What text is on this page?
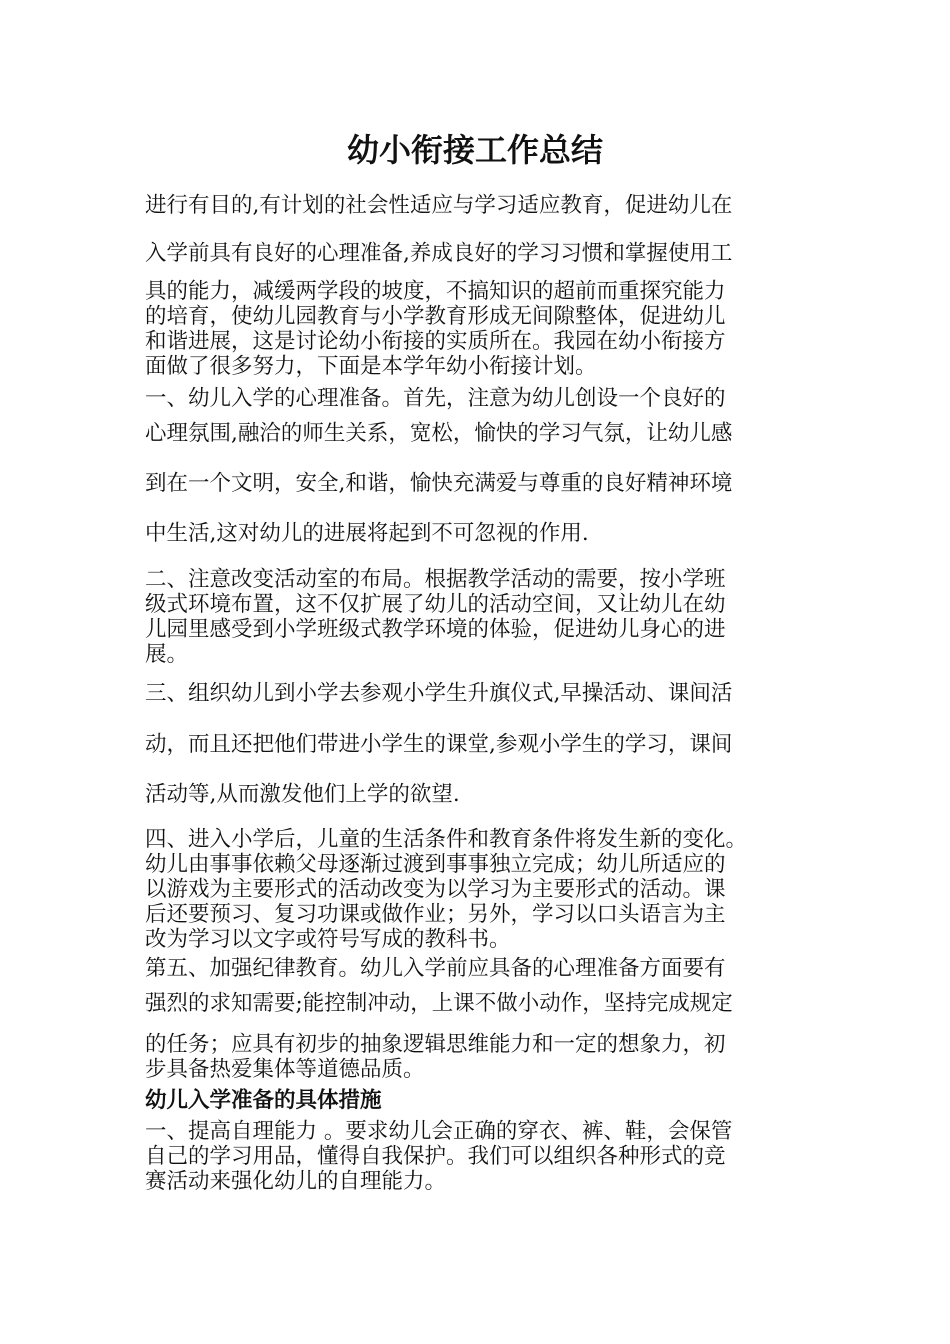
幼小衔接工作总结
进行有目的,有计划的社会性适应与学习适应教育，促进幼儿在
入学前具有良好的心理准备,养成良好的学习习惯和掌握使用工
具的能力，减缓两学段的坡度，不搞知识的超前而重探究能力
的培育，使幼儿园教育与小学教育形成无间隙整体，促进幼儿
和谐进展，这是讨论幼小衔接的实质所在。我园在幼小衔接方
面做了很多努力，下面是本学年幼小衔接计划。
一、幼儿入学的心理准备。首先，注意为幼儿创设一个良好的
心理氛围,融洽的师生关系，宽松，愉快的学习气氛，让幼儿感
到在一个文明，安全,和谐，愉快充满爱与尊重的良好精神环境
中生活,这对幼儿的进展将起到不可忽视的作用.
二、注意改变活动室的布局。根据教学活动的需要，按小学班
级式环境布置，这不仅扩展了幼儿的活动空间，又让幼儿在幼
儿园里感受到小学班级式教学环境的体验，促进幼儿身心的进
展。
三、组织幼儿到小学去参观小学生升旗仪式,早操活动、课间活
动，而且还把他们带进小学生的课堂,参观小学生的学习，课间
活动等,从而激发他们上学的欲望.
四、进入小学后，儿童的生活条件和教育条件将发生新的变化。
幼儿由事事依赖父母逐渐过渡到事事独立完成；幼儿所适应的
以游戏为主要形式的活动改变为以学习为主要形式的活动。课
后还要预习、复习功课或做作业；另外，学习以口头语言为主
改为学习以文字或符号写成的教科书。
第五、加强纪律教育。幼儿入学前应具备的心理准备方面要有
强烈的求知需要;能控制冲动，上课不做小动作，坚持完成规定
的任务；应具有初步的抽象逻辑思维能力和一定的想象力，初
步具备热爱集体等道德品质。
幼儿入学准备的具体措施
一、提高自理能力 。要求幼儿会正确的穿衣、裤、鞋，会保管
自己的学习用品，懂得自我保护。我们可以组织各种形式的竞
赛活动来强化幼儿的自理能力。
